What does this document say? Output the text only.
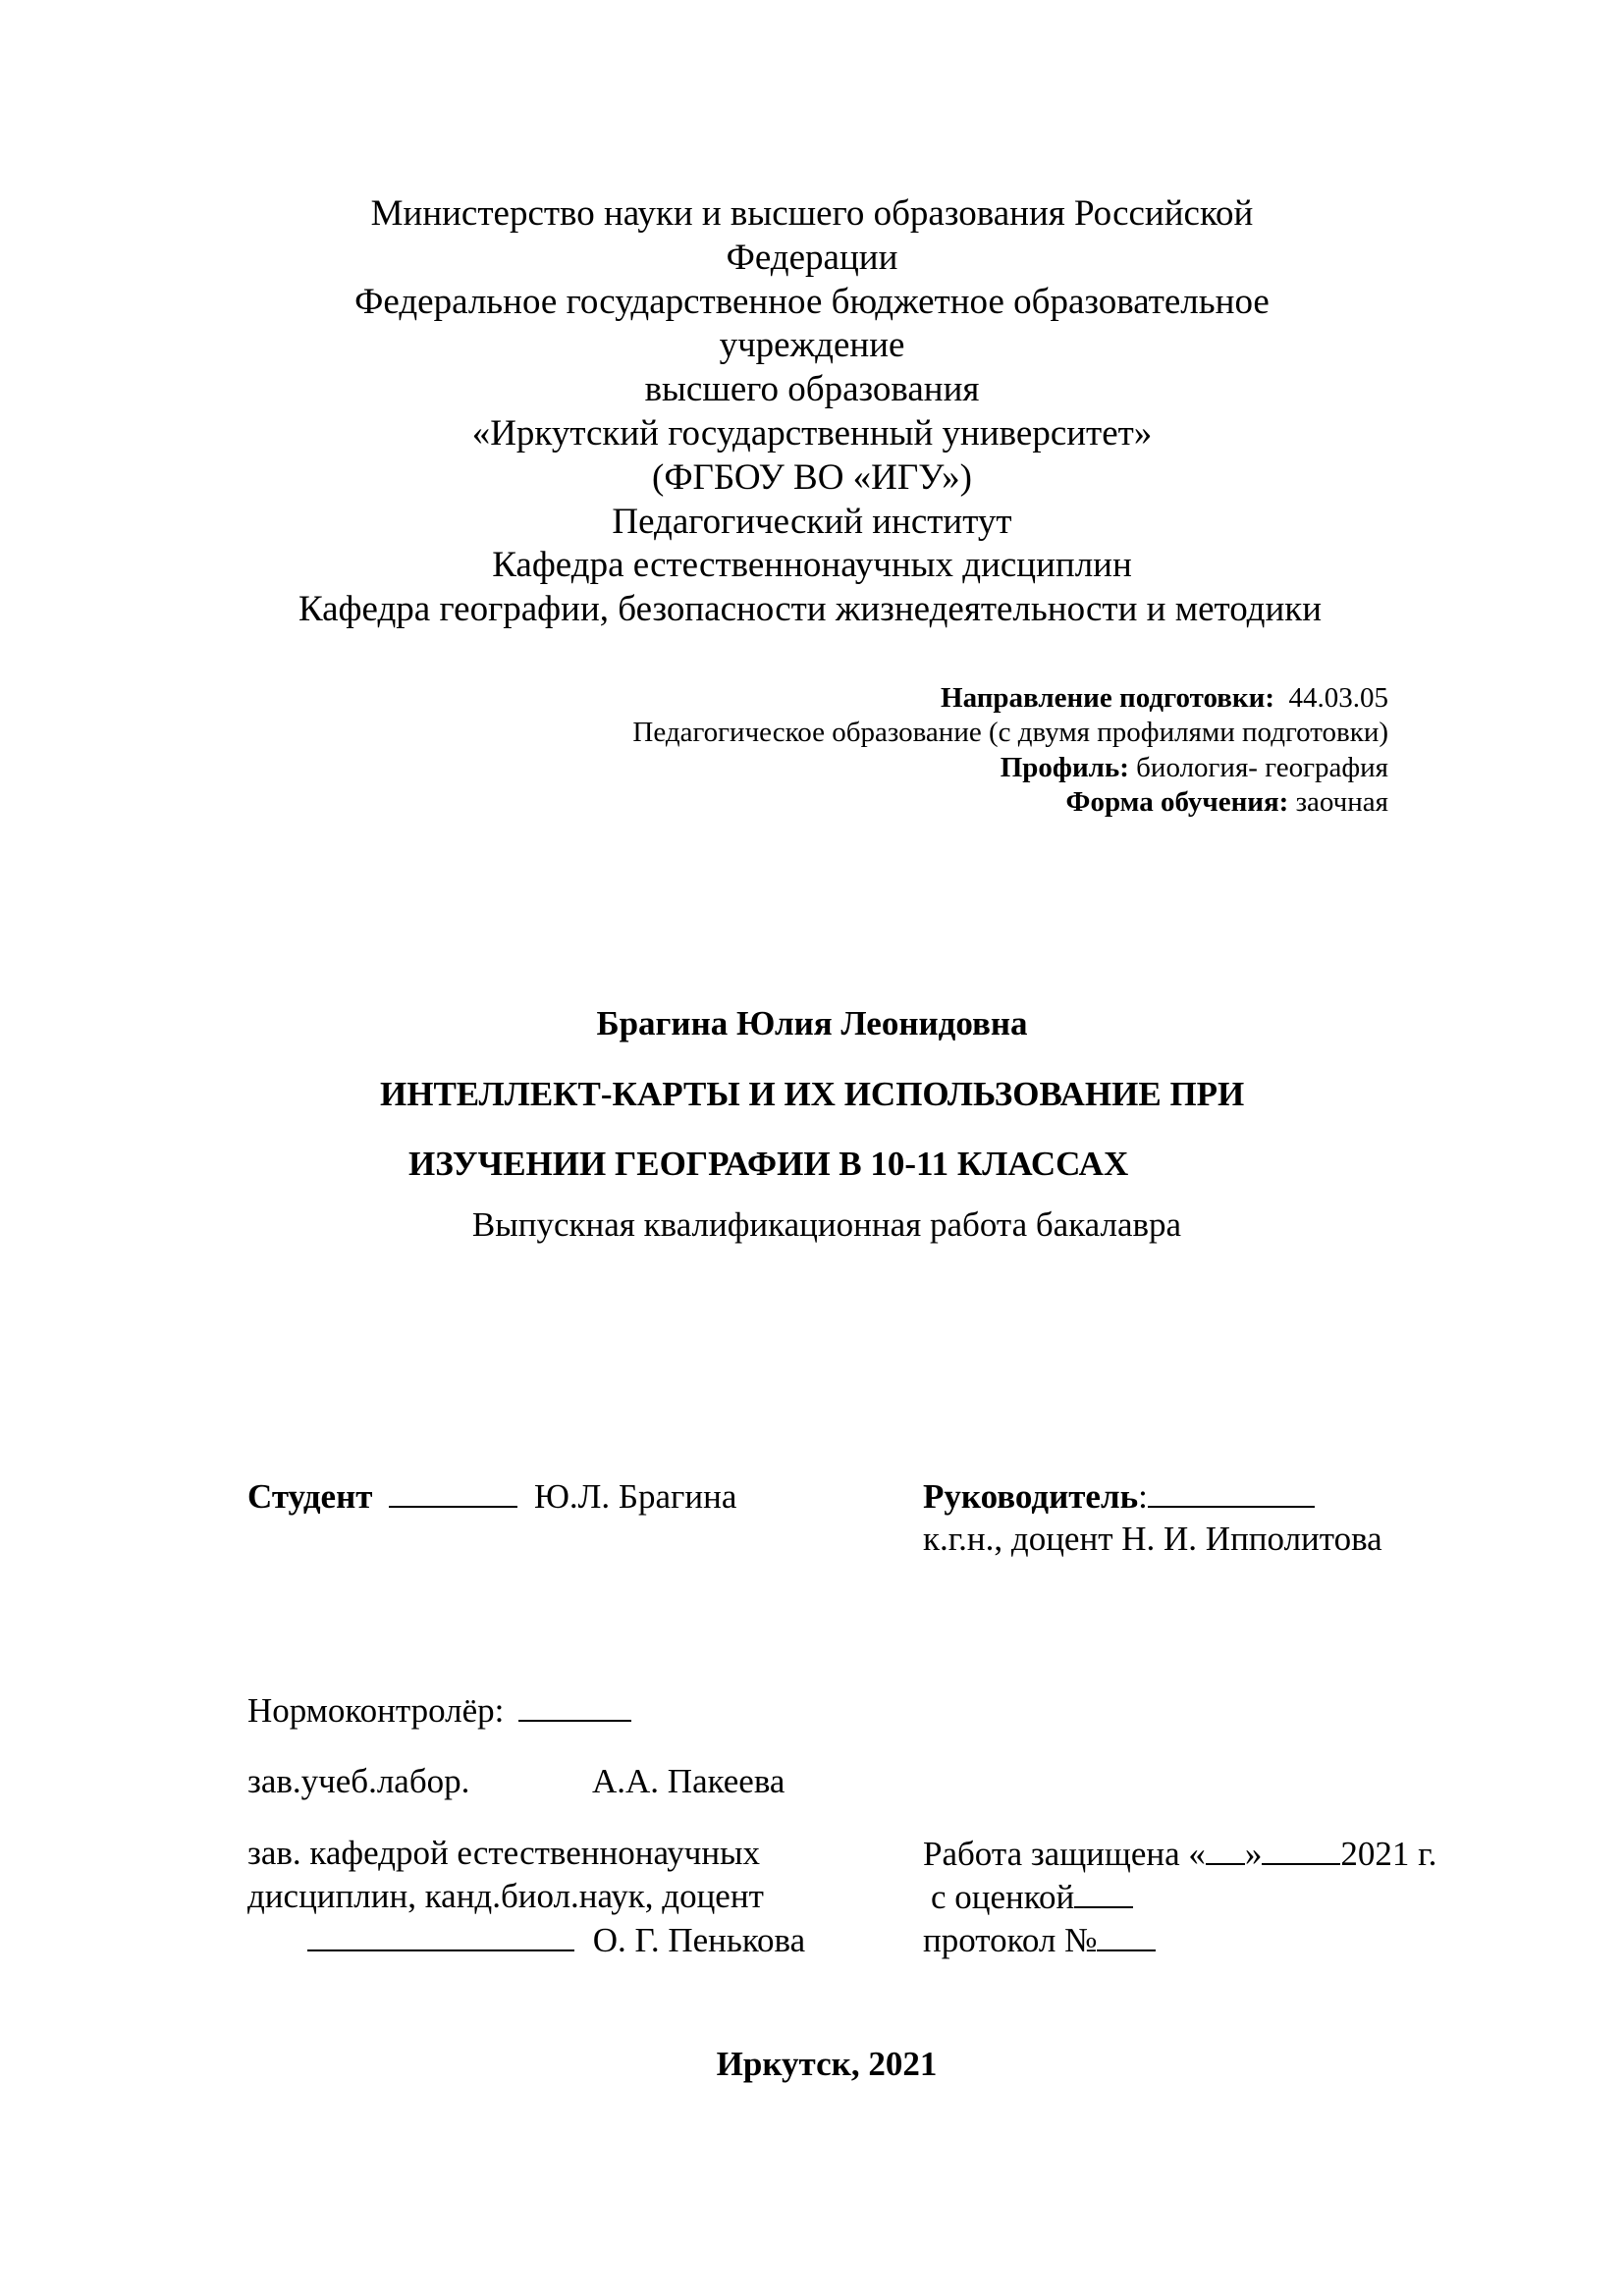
Министерство науки и высшего образования Российской
Федерации
Федеральное государственное бюджетное образовательное
учреждение
высшего образования
«Иркутский государственный университет»
(ФГБОУ ВО «ИГУ»)
Педагогический институт
Кафедра естественнонаучных дисциплин
Кафедра географии, безопасности жизнедеятельности и методики
Направление подготовки: 44.03.05
Педагогическое образование (с двумя профилями подготовки)
Профиль: биология- география
Форма обучения: заочная
Брагина Юлия Леонидовна
ИНТЕЛЛЕКТ-КАРТЫ И ИХ ИСПОЛЬЗОВАНИЕ ПРИ
ИЗУЧЕНИИ ГЕОГРАФИИ В 10-11 КЛАССАХ
Выпускная квалификационная работа бакалавра
Студент	Ю.Л. Брагина	Руководитель:
к.г.н., доцент Н. И. Ипполитова
Нормоконтролёр:
зав.учеб.лабор.	А.А. Пакеева
зав. кафедрой естественнонаучных
дисциплин, канд.биол.наук, доцент
О. Г. Пенькова
Работа защищена « » 2021 г.
с оценкой
протокол №
Иркутск, 2021
